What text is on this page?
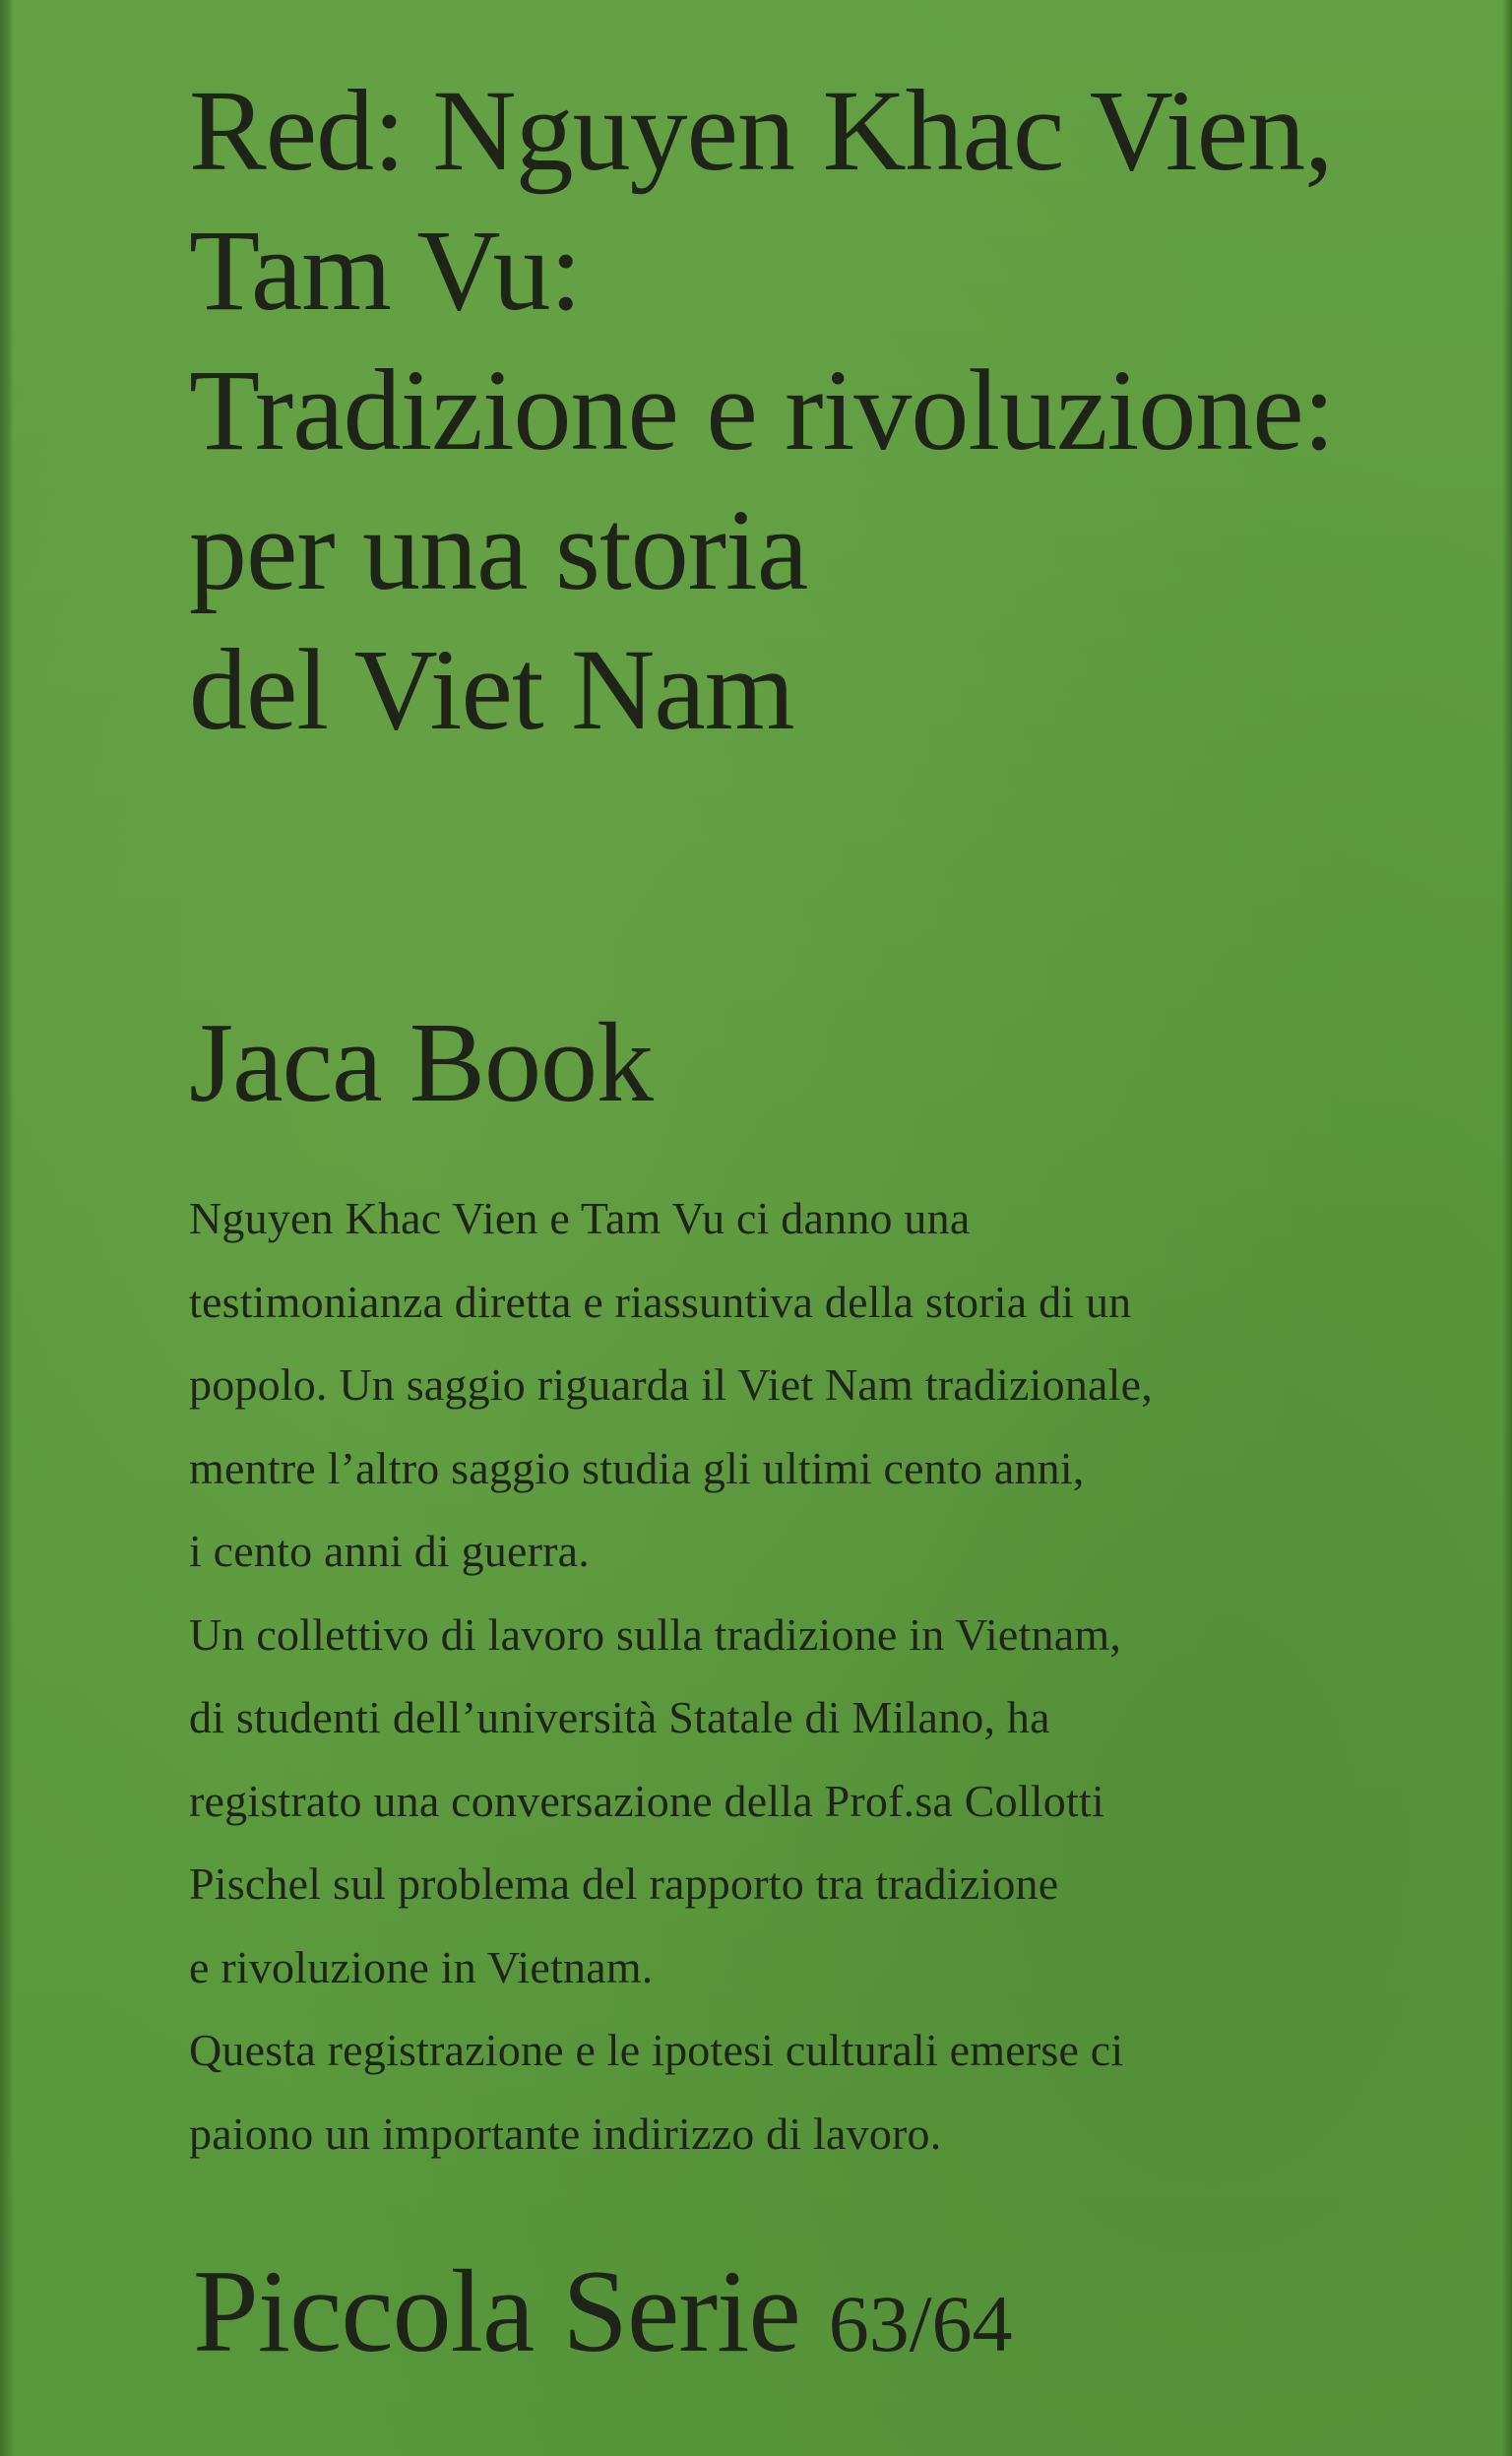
Red: Nguyen Khac Vien,
Tam Vu:
Tradizione e rivoluzione:
per una storia
del Viet Nam
Jaca Book
Nguyen Khac Vien e Tam Vu ci danno una
testimonianza diretta e riassuntiva della storia di un
popolo. Un saggio riguarda il Viet Nam tradizionale,
mentre l’altro saggio studia gli ultimi cento anni,
i cento anni di guerra.
Un collettivo di lavoro sulla tradizione in Vietnam,
di studenti dell’università Statale di Milano, ha
registrato una conversazione della Prof.sa Collotti
Pischel sul problema del rapporto tra tradizione
e rivoluzione in Vietnam.
Questa registrazione e le ipotesi culturali emerse ci
paiono un importante indirizzo di lavoro.
Piccola Serie 63/64
